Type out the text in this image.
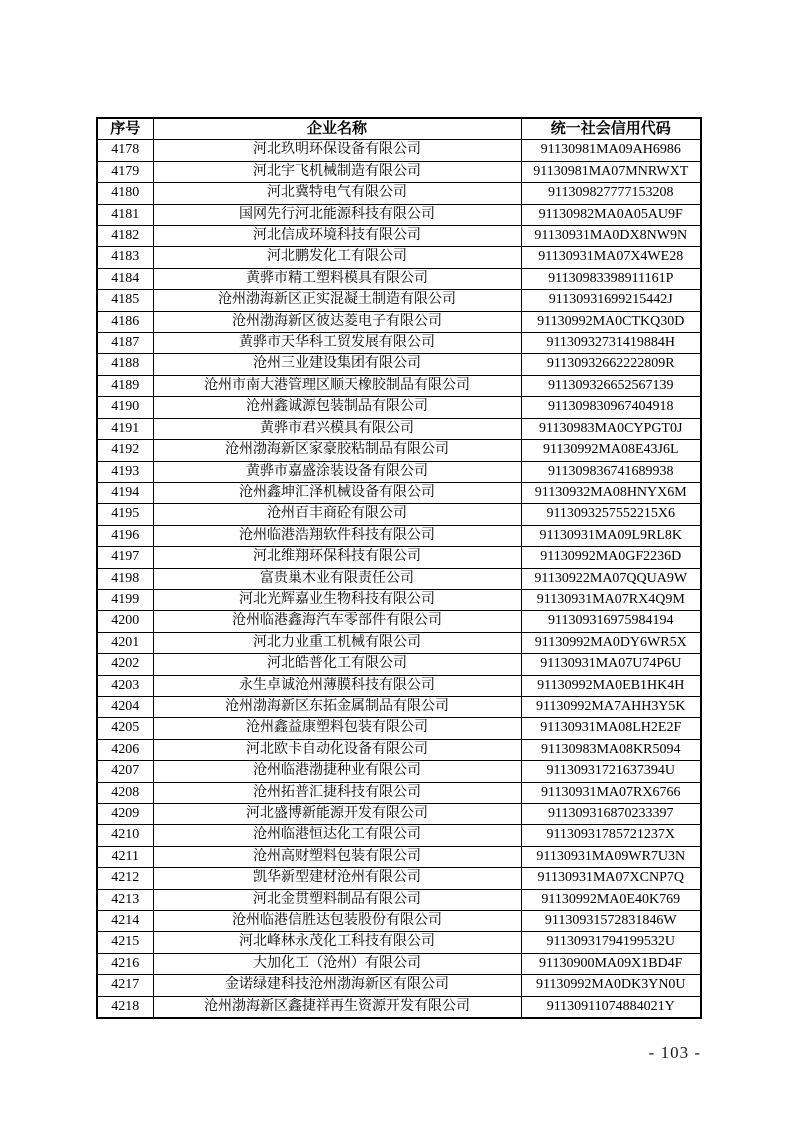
序号	企业名称	统一社会信用代码
4178	河北玖明环保设备有限公司	91130981MA09AH6986
4179	河北宇飞机械制造有限公司	91130981MA07MNRWXT
4180	河北冀特电气有限公司	911309827777153208
4181	国网先行河北能源科技有限公司	91130982MA0A05AU9F
4182	河北信成环境科技有限公司	91130931MA0DX8NW9N
4183	河北鹏发化工有限公司	91130931MA07X4WE28
4184	黄骅市精工塑料模具有限公司	91130983398911161P
4185	沧州渤海新区正实混凝土制造有限公司	91130931699215442J
4186	沧州渤海新区彼达菱电子有限公司	91130992MA0CTKQ30D
4187	黄骅市天华科工贸发展有限公司	91130932731419884H
4188	沧州三业建设集团有限公司	91130932662222809R
4189	沧州市南大港管理区顺天橡胶制品有限公司	911309326652567139
4190	沧州鑫诚源包装制品有限公司	911309830967404918
4191	黄骅市君兴模具有限公司	91130983MA0CYPGT0J
4192	沧州渤海新区家豪胶粘制品有限公司	91130992MA08E43J6L
4193	黄骅市嘉盛涂装设备有限公司	911309836741689938
4194	沧州鑫坤汇泽机械设备有限公司	91130932MA08HNYX6M
4195	沧州百丰商砼有限公司	9113093257552215X6
4196	沧州临港浩翔软件科技有限公司	91130931MA09L9RL8K
4197	河北维翔环保科技有限公司	91130992MA0GF2236D
4198	富贵巢木业有限责任公司	91130922MA07QQUA9W
4199	河北光辉嘉业生物科技有限公司	91130931MA07RX4Q9M
4200	沧州临港鑫海汽车零部件有限公司	911309316975984194
4201	河北力业重工机械有限公司	91130992MA0DY6WR5X
4202	河北皓普化工有限公司	91130931MA07U74P6U
4203	永生卓诚沧州薄膜科技有限公司	91130992MA0EB1HK4H
4204	沧州渤海新区东拓金属制品有限公司	91130992MA7AHH3Y5K
4205	沧州鑫益康塑料包装有限公司	91130931MA08LH2E2F
4206	河北欧卡自动化设备有限公司	91130983MA08KR5094
4207	沧州临港渤捷种业有限公司	91130931721637394U
4208	沧州拓普汇捷科技有限公司	91130931MA07RX6766
4209	河北盛博新能源开发有限公司	911309316870233397
4210	沧州临港恒达化工有限公司	91130931785721237X
4211	沧州高财塑料包装有限公司	91130931MA09WR7U3N
4212	凯华新型建材沧州有限公司	91130931MA07XCNP7Q
4213	河北金贯塑料制品有限公司	91130992MA0E40K769
4214	沧州临港信胜达包装股份有限公司	91130931572831846W
4215	河北峰林永茂化工科技有限公司	91130931794199532U
4216	大加化工（沧州）有限公司	91130900MA09X1BD4F
4217	金诺绿建科技沧州渤海新区有限公司	91130992MA0DK3YN0U
4218	沧州渤海新区鑫捷祥再生资源开发有限公司	91130911074884021Y
- 103 -
